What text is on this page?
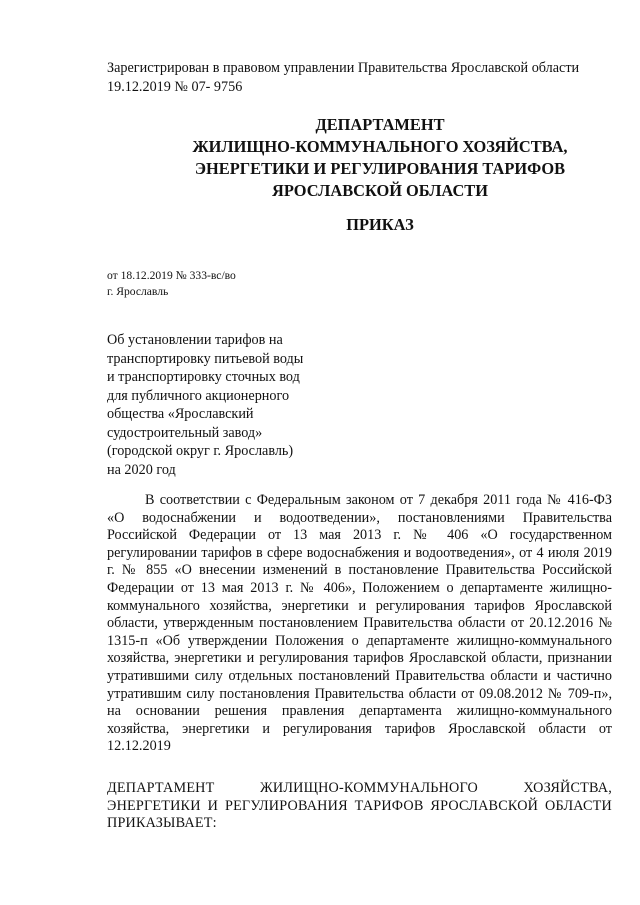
Зарегистрирован в правовом управлении Правительства Ярославской области
19.12.2019 № 07- 9756
ДЕПАРТАМЕНТ
ЖИЛИЩНО-КОММУНАЛЬНОГО ХОЗЯЙСТВА,
ЭНЕРГЕТИКИ И РЕГУЛИРОВАНИЯ ТАРИФОВ
ЯРОСЛАВСКОЙ ОБЛАСТИ
ПРИКАЗ
от 18.12.2019 № 333-вс/во
г. Ярославль
Об установлении тарифов на
транспортировку питьевой воды
и транспортировку сточных вод
для публичного акционерного
общества «Ярославский
судостроительный завод»
(городской округ г. Ярославль)
на 2020 год

В соответствии с Федеральным законом от 7 декабря 2011 года № 416-ФЗ «О водоснабжении и водоотведении», постановлениями Правительства Российской Федерации от 13 мая 2013 г. № 406 «О государственном регулировании тарифов в сфере водоснабжения и водоотведения», от 4 июля 2019 г. № 855 «О внесении изменений в постановление Правительства Российской Федерации от 13 мая 2013 г. № 406», Положением о департаменте жилищно-коммунального хозяйства, энергетики и регулирования тарифов Ярославской области, утвержденным постановлением Правительства области от 20.12.2016 № 1315-п «Об утверждении Положения о департаменте жилищно-коммунального хозяйства, энергетики и регулирования тарифов Ярославской области, признании утратившими силу отдельных постановлений Правительства области и частично утратившим силу постановления Правительства области от 09.08.2012 № 709-п», на основании решения правления департамента жилищно-коммунального хозяйства, энергетики и регулирования тарифов Ярославской области от 12.12.2019

ДЕПАРТАМЕНТ ЖИЛИЩНО-КОММУНАЛЬНОГО ХОЗЯЙСТВА, ЭНЕРГЕТИКИ И РЕГУЛИРОВАНИЯ ТАРИФОВ ЯРОСЛАВСКОЙ ОБЛАСТИ ПРИКАЗЫВАЕТ:
